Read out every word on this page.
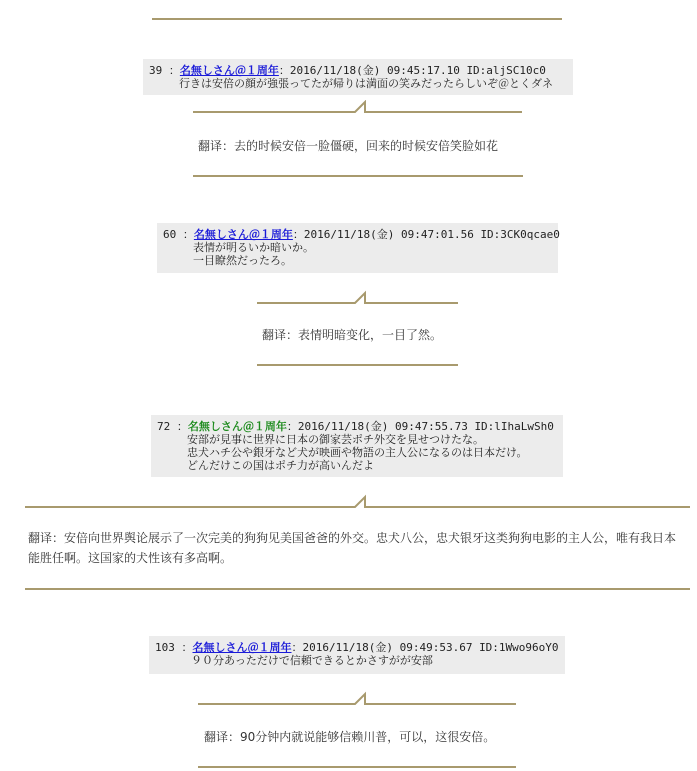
39 ：名無しさん＠１周年：2016/11/18(金) 09:45:17.10 ID:aljSC10c0
行きは安倍の顔が強張ってたが帰りは満面の笑みだったらしいぞ＠とくダネ
翻译：去的时候安倍一脸僵硬，回来的时候安倍笑脸如花
60 ：名無しさん＠１周年：2016/11/18(金) 09:47:01.56 ID:3CK0qcae0
表情が明るいか暗いか。
一目瞭然だったろ。
翻译：表情明暗变化，一目了然。
72 ：名無しさん＠１周年：2016/11/18(金) 09:47:55.73 ID:lIhaLwSh0
安部が見事に世界に日本の御家芸ポチ外交を見せつけたな。
忠犬ハチ公や銀牙など犬が映画や物語の主人公になるのは日本だけ。
どんだけこの国はポチ力が高いんだよ
翻译：安倍向世界舆论展示了一次完美的狗狗见美国爸爸的外交。忠犬八公，忠犬银牙这类狗狗电影的主人公，唯有我日本能胜任啊。这国家的犬性该有多高啊。
103 ：名無しさん＠１周年：2016/11/18(金) 09:49:53.67 ID:1Wwo96oY0
９０分あっただけで信頼できるとかさすがが安部
翻译：90分钟内就说能够信赖川普，可以，这很安倍。
